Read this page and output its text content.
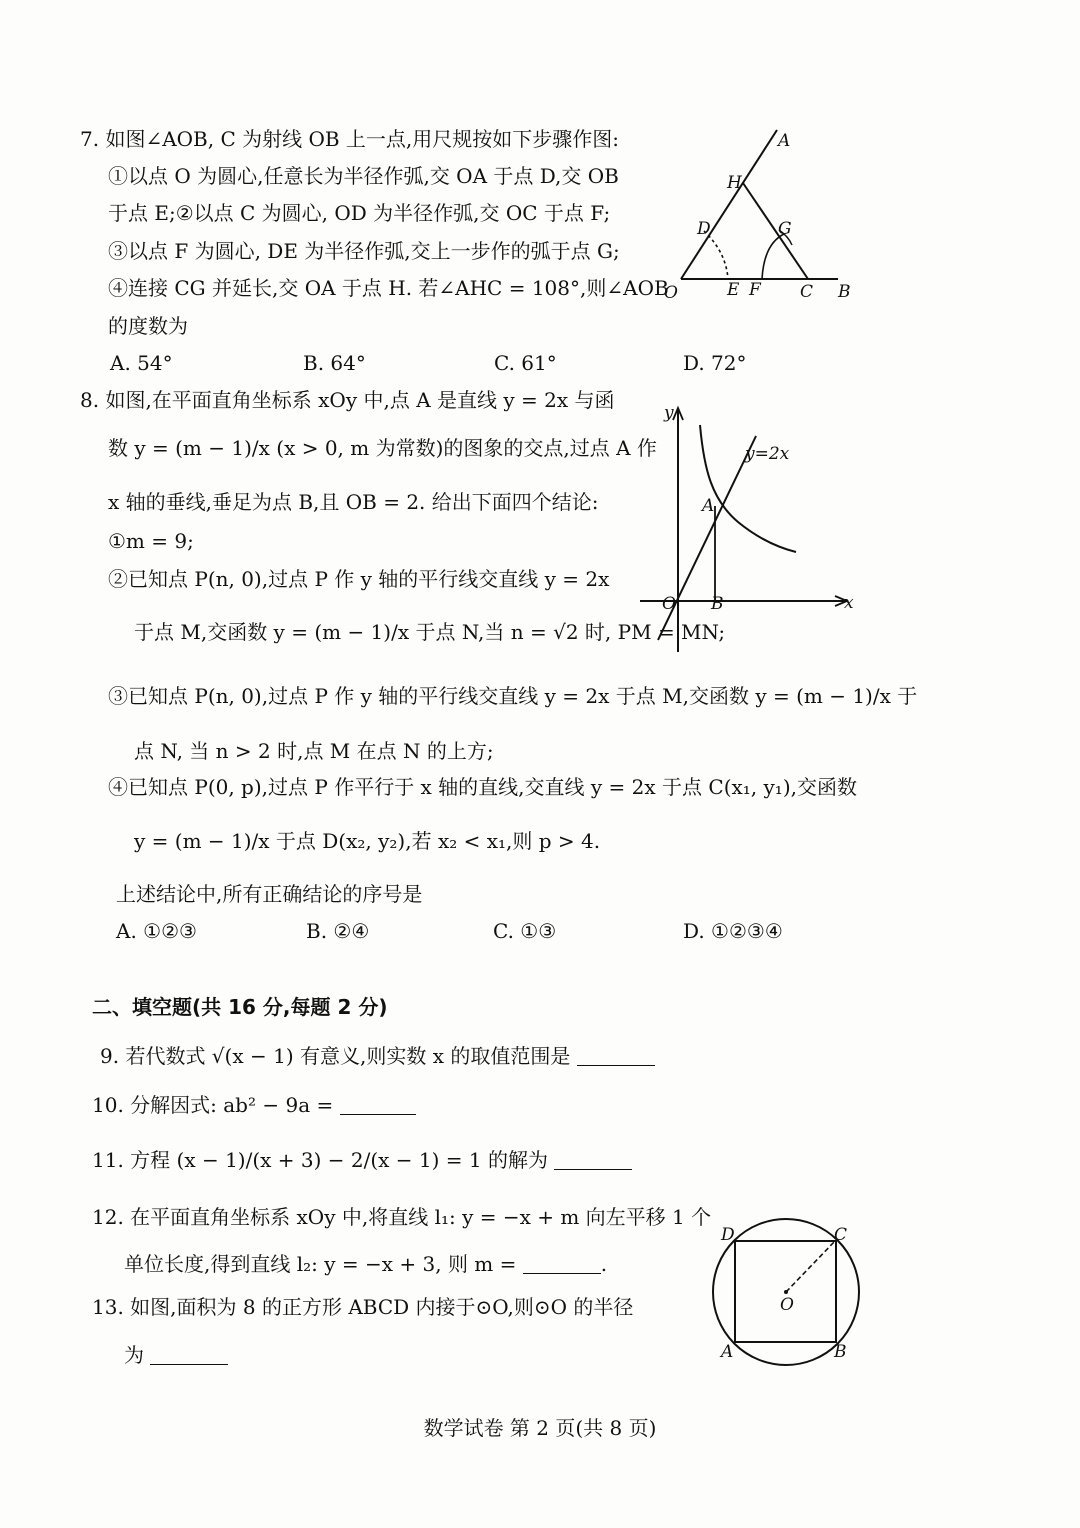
7. 如图∠AOB, C 为射线 OB 上一点,用尺规按如下步骤作图:
①以点 O 为圆心,任意长为半径作弧,交 OA 于点 D,交 OB
于点 E;②以点 C 为圆心, OD 为半径作弧,交 OC 于点 F;
③以点 F 为圆心, DE 为半径作弧,交上一步作的弧于点 G;
④连接 CG 并延长,交 OA 于点 H. 若∠AHC = 108°,则∠AOB
的度数为
A. 54°	B. 64°	C. 61°	D. 72°
A
H
D	G
O	E F C B
8. 如图,在平面直角坐标系 xOy 中,点 A 是直线 y = 2x 与函
数 y = (m − 1)/x (x > 0, m 为常数)的图象的交点,过点 A 作
x 轴的垂线,垂足为点 B,且 OB = 2. 给出下面四个结论:
①m = 9;
②已知点 P(n, 0),过点 P 作 y 轴的平行线交直线 y = 2x
于点 M,交函数 y = (m − 1)/x 于点 N,当 n = √2 时, PM = MN;
③已知点 P(n, 0),过点 P 作 y 轴的平行线交直线 y = 2x 于点 M,交函数 y = (m − 1)/x 于
点 N, 当 n > 2 时,点 M 在点 N 的上方;
④已知点 P(0, p),过点 P 作平行于 x 轴的直线,交直线 y = 2x 于点 C(x₁, y₁),交函数
y = (m − 1)/x 于点 D(x₂, y₂),若 x₂ < x₁,则 p > 4.
上述结论中,所有正确结论的序号是
A. ①②③	B. ②④	C. ①③	D. ①②③④
y
y=2x
A
O B	x
二、填空题(共 16 分,每题 2 分)
9. 若代数式 √(x − 1) 有意义,则实数 x 的取值范围是
10. 分解因式: ab² − 9a =
11. 方程 (x − 1)/(x + 3) − 2/(x − 1) = 1 的解为
12. 在平面直角坐标系 xOy 中,将直线 l₁: y = −x + m 向左平移 1 个
单位长度,得到直线 l₂: y = −x + 3, 则 m =	.
13. 如图,面积为 8 的正方形 ABCD 内接于⊙O,则⊙O 的半径
为
D	C
O
A	B
数学试卷 第 2 页(共 8 页)
